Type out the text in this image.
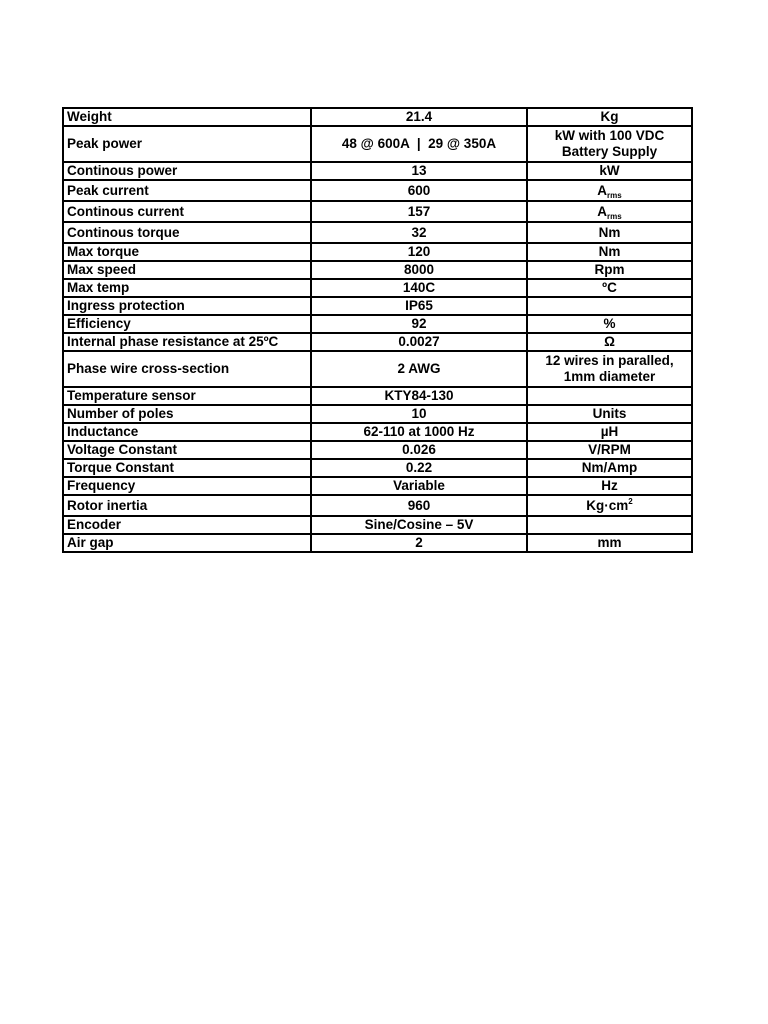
Weight	21.4	Kg
Peak power	48 @ 600A  |  29 @ 350A	kW with 100 VDC Battery Supply
Continous power	13	kW
Peak current	600	$A_{rms}$
Continous current	157	$A_{rms}$
Continous torque	32	Nm
Max torque	120	Nm
Max speed	8000	Rpm
Max temp	140C	ºC
Ingress protection	IP65	
Efficiency	92	%
Internal phase resistance at 25ºC	0.0027	Ω
Phase wire cross-section	2 AWG	12 wires in paralled, 1mm diameter
Temperature sensor	KTY84-130	
Number of poles	10	Units
Inductance	62-110 at 1000 Hz	µH
Voltage Constant	0.026	V/RPM
Torque Constant	0.22	Nm/Amp
Frequency	Variable	Hz
Rotor inertia	960	$Kg\cdot cm^2$
Encoder	Sine/Cosine – 5V	
Air gap	2	mm
